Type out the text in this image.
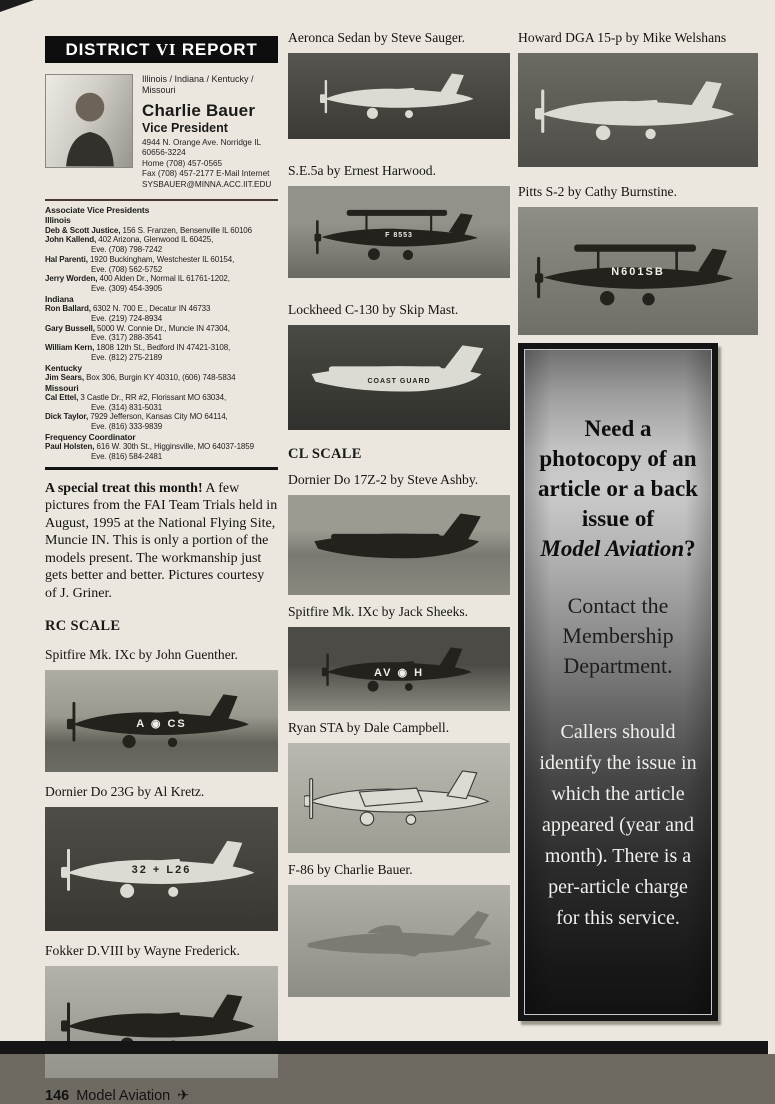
DISTRICT VI REPORT
Illinois / Indiana / Kentucky / Missouri
Charlie Bauer
Vice President
4944 N. Orange Ave. Norridge IL
60656-3224
Home (708) 457-0565
Fax (708) 457-2177 E-Mail Internet
SYSBAUER@MINNA.ACC.IIT.EDU
Associate Vice Presidents
Illinois
Deb & Scott Justice, 156 S. Franzen, Bensenville IL 60106
John Kallend, 402 Arizona, Glenwood IL 60425,
Eve. (708) 798-7242
Hal Parenti, 1920 Buckingham, Westchester IL 60154,
Eve. (708) 562-5752
Jerry Worden, 400 Alden Dr., Normal IL 61761-1202,
Eve. (309) 454-3905
Indiana
Ron Ballard, 6302 N. 700 E., Decatur IN 46733
Eve. (219) 724-8934
Gary Bussell, 5000 W. Connie Dr., Muncie IN 47304,
Eve. (317) 288-3541
William Kern, 1808 12th St., Bedford IN 47421-3108,
Eve. (812) 275-2189
Kentucky
Jim Sears, Box 306, Burgin KY 40310, (606) 748-5834
Missouri
Cal Ettel, 3 Castle Dr., RR #2, Florissant MO 63034,
Eve. (314) 831-5031
Dick Taylor, 7929 Jefferson, Kansas City MO 64114,
Eve. (816) 333-9839
Frequency Coordinator
Paul Holsten, 616 W. 30th St., Higginsville, MO 64037-1859
Eve. (816) 584-2481

A special treat this month! A few pictures from the FAI Team Trials held in August, 1995 at the National Flying Site, Muncie IN. This is only a portion of the models present. The workmanship just gets better and better. Pictures courtesy of J. Griner.

RC SCALE
Spitfire Mk. IXc by John Guenther.
A ◉ CS
Dornier Do 23G by Al Kretz.
32 + L26
Fokker D.VIII by Wayne Frederick.
146 Model Aviation ✈
Aeronca Sedan by Steve Sauger.
S.E.5a by Ernest Harwood.
F 8553
Lockheed C-130 by Skip Mast.
COAST GUARD
CL SCALE
Dornier Do 17Z-2 by Steve Ashby.
Spitfire Mk. IXc by Jack Sheeks.
AV ◉ H
Ryan STA by Dale Campbell.
F-86 by Charlie Bauer.
Howard DGA 15-p by Mike Welshans
Pitts S-2 by Cathy Burnstine.
N601SB
Need a photocopy of an article or a back issue of
Model Aviation?
Contact the Membership Department.
Callers should identify the issue in which the article appeared (year and month). There is a per-article charge for this service.
